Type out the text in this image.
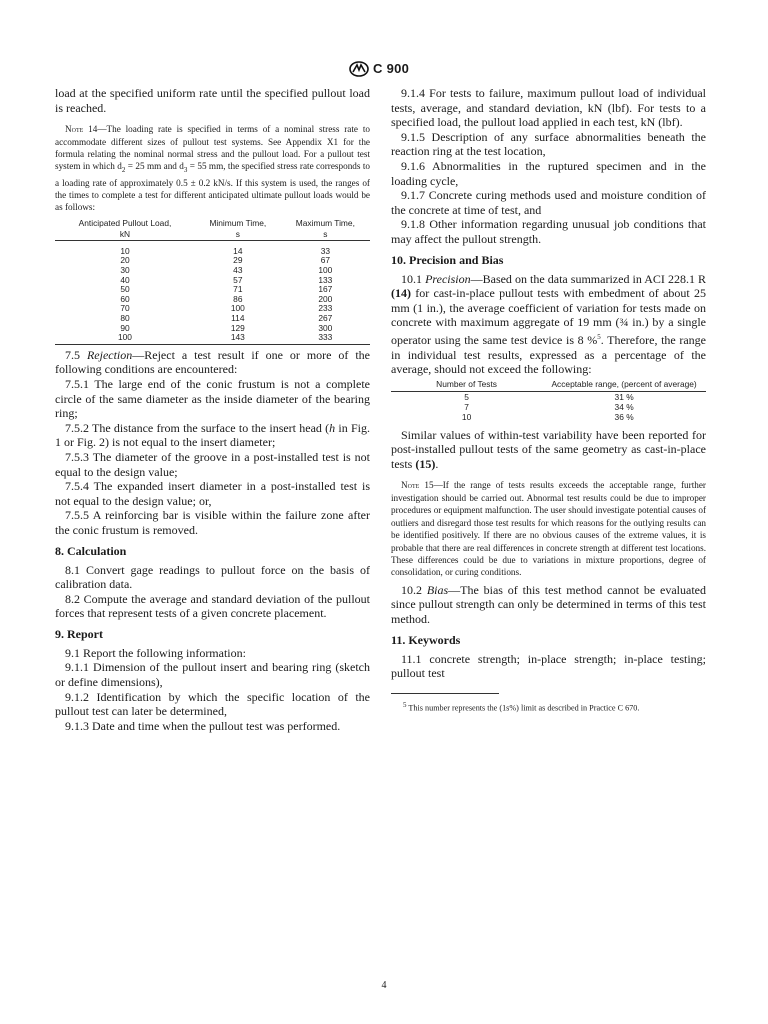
C 900

load at the specified uniform rate until the specified pullout load is reached.

Note 14—The loading rate is specified in terms of a nominal stress rate to accommodate different sizes of pullout test systems. See Appendix X1 for the formula relating the nominal normal stress and the pullout load. For a pullout test system in which $d_2 = 25$ mm and $d_3 = 55$ mm, the specified stress rate corresponds to a loading rate of approximately 0.5 ± 0.2 kN/s. If this system is used, the ranges of the times to complete a test for different anticipated ultimate pullout loads would be as follows:
Anticipated Pullout Load,	Minimum Time,	Maximum Time,
kN	s	s
10	14	33
20	29	67
30	43	100
40	57	133
50	71	167
60	86	200
70	100	233
80	114	267
90	129	300
100	143	333

7.5 Rejection—Reject a test result if one or more of the following conditions are encountered:

7.5.1 The large end of the conic frustum is not a complete circle of the same diameter as the inside diameter of the bearing ring;

7.5.2 The distance from the surface to the insert head (h in Fig. 1 or Fig. 2) is not equal to the insert diameter;

7.5.3 The diameter of the groove in a post-installed test is not equal to the design value;

7.5.4 The expanded insert diameter in a post-installed test is not equal to the design value; or,

7.5.5 A reinforcing bar is visible within the failure zone after the conic frustum is removed.

8. Calculation

8.1 Convert gage readings to pullout force on the basis of calibration data.

8.2 Compute the average and standard deviation of the pullout forces that represent tests of a given concrete placement.

9. Report

9.1 Report the following information:

9.1.1 Dimension of the pullout insert and bearing ring (sketch or define dimensions),

9.1.2 Identification by which the specific location of the pullout test can later be determined,

9.1.3 Date and time when the pullout test was performed.

9.1.4 For tests to failure, maximum pullout load of individual tests, average, and standard deviation, kN (lbf). For tests to a specified load, the pullout load applied in each test, kN (lbf).

9.1.5 Description of any surface abnormalities beneath the reaction ring at the test location,

9.1.6 Abnormalities in the ruptured specimen and in the loading cycle,

9.1.7 Concrete curing methods used and moisture condition of the concrete at time of test, and

9.1.8 Other information regarding unusual job conditions that may affect the pullout strength.

10. Precision and Bias

10.1 Precision—Based on the data summarized in ACI 228.1 R (14) for cast-in-place pullout tests with embedment of about 25 mm (1 in.), the average coefficient of variation for tests made on concrete with maximum aggregate of 19 mm (¾ in.) by a single operator using the same test device is 8 %$^5$. Therefore, the range in individual test results, expressed as a percentage of the average, should not exceed the following:

Number of Tests	Acceptable range, (percent of average)
5	31 %
7	34 %
10	36 %

Similar values of within-test variability have been reported for post-installed pullout tests of the same geometry as cast-in-place tests (15).

Note 15—If the range of tests results exceeds the acceptable range, further investigation should be carried out. Abnormal test results could be due to improper procedures or equipment malfunction. The user should investigate potential causes of outliers and disregard those test results for which reasons for the outlying results can be identified positively. If there are no obvious causes of the extreme values, it is probable that there are real differences in concrete strength at different test locations. These differences could be due to variations in mixture proportions, degree of consolidation, or curing conditions.

10.2 Bias—The bias of this test method cannot be evaluated since pullout strength can only be determined in terms of this test method.

11. Keywords

11.1 concrete strength; in-place strength; in-place testing; pullout test

$^5$ This number represents the (1s%) limit as described in Practice C 670.

4
